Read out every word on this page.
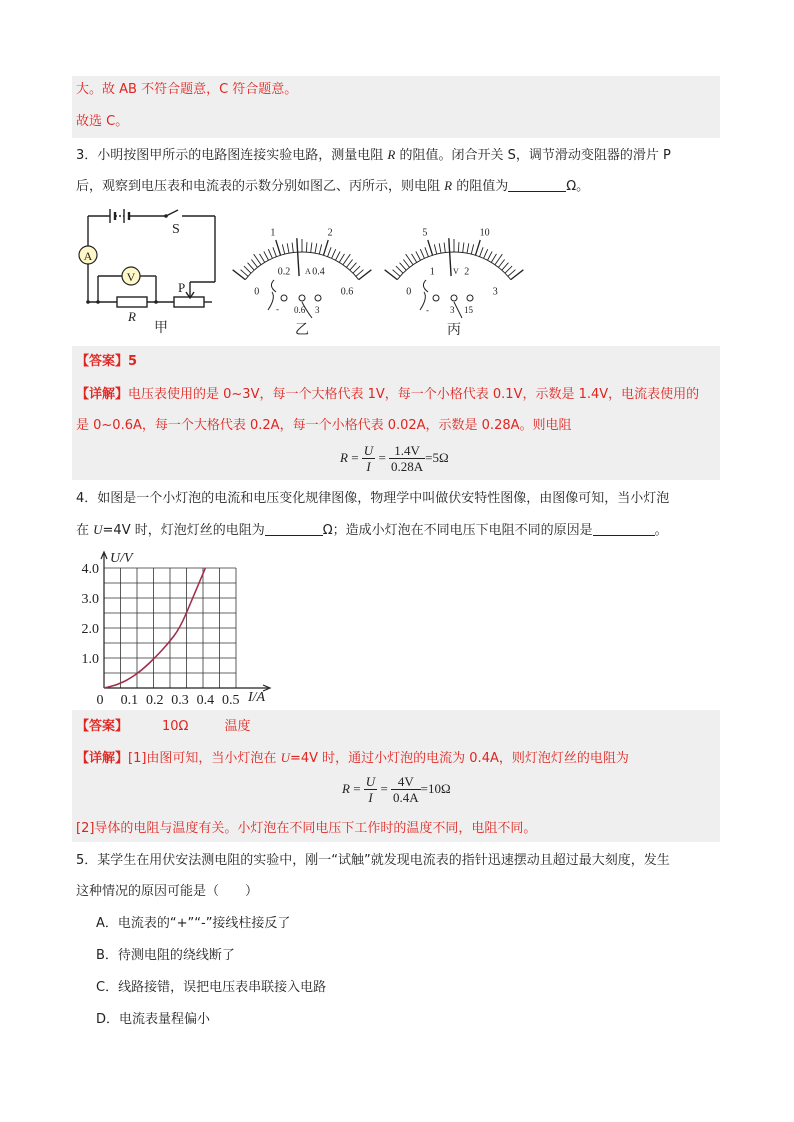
大。故 AB 不符合题意，C 符合题意。
故选 C。
3．小明按图甲所示的电路图连接实验电路，测量电阻 R 的阻值。闭合开关 S，调节滑动变阻器的滑片 P
后，观察到电压表和电流表的示数分别如图乙、丙所示，则电阻 R 的阻值为	Ω。
A
V
S
P
R
甲
1	2
0
0.2 0.4
0.6
A
- 0.6 3
乙
5	10
0
1	2
3
V
- 3 15
丙
【答案】5
【详解】电压表使用的是 0~3V，每一个大格代表 1V，每一个小格代表 0.1V，示数是 1.4V，电流表使用的
是 0~0.6A，每一个大格代表 0.2A，每一个小格代表 0.02A，示数是 0.28A。则电阻
$R = \frac{U}{I} = \frac{1.4V}{0.28A} =5\Omega$
4．如图是一个小灯泡的电流和电压变化规律图像，物理学中叫做伏安特性图像，由图像可知，当小灯泡
在 U=4V 时，灯泡灯丝的电阻为	Ω；造成小灯泡在不同电压下电阻不同的原因是	。
0 0.1 0.2 0.3 0.4 0.5
1.0
2.0
3.0
4.0
U/V
I/A
【答案】	10Ω	温度
【详解】[1]由图可知，当小灯泡在 U=4V 时，通过小灯泡的电流为 0.4A，则灯泡灯丝的电阻为
$R = \frac{U}{I} = \frac{4V}{0.4A} =10\Omega$
[2]导体的电阻与温度有关。小灯泡在不同电压下工作时的温度不同，电阻不同。
5．某学生在用伏安法测电阻的实验中，刚一“试触”就发现电流表的指针迅速摆动且超过最大刻度，发生
这种情况的原因可能是（　　）
A．电流表的“+”“-”接线柱接反了
B．待测电阻的绕线断了
C．线路接错，误把电压表串联接入电路
D．电流表量程偏小
